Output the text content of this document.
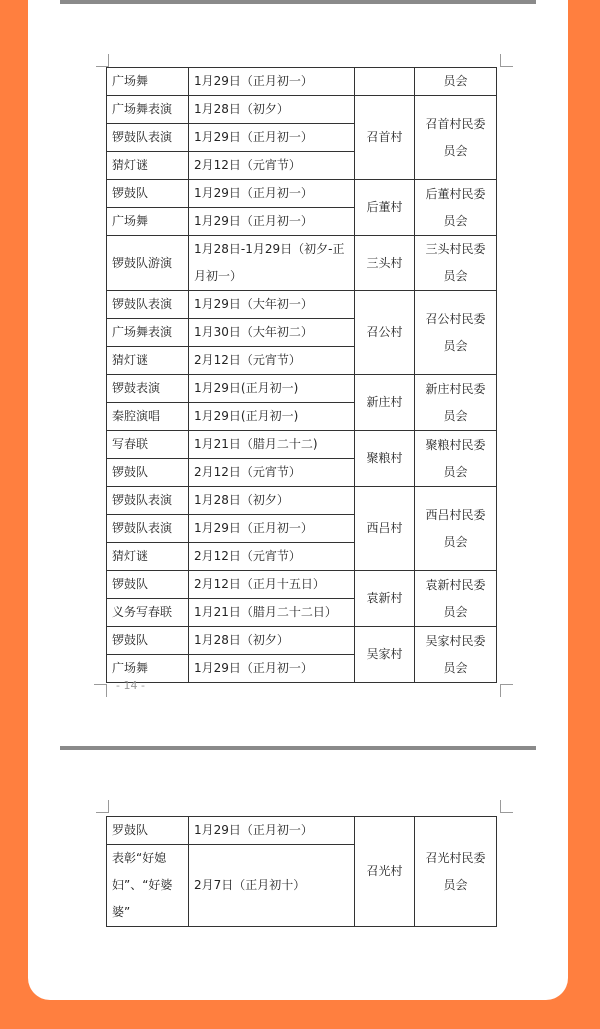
广场舞	1月29日（正月初一）		员会
广场舞表演	1月28日（初夕）	召首村	召首村民委
员会
锣鼓队表演	1月29日（正月初一）		
猜灯谜	2月12日（元宵节）		
锣鼓队	1月29日（正月初一）	后董村	后董村民委
员会
广场舞	1月29日（正月初一）		
锣鼓队游演	1月28日-1月29日（初夕-正
月初一）	三头村	三头村民委
员会
锣鼓队表演	1月29日（大年初一）	召公村	召公村民委
员会
广场舞表演	1月30日（大年初二）		
猜灯谜	2月12日（元宵节）		
锣鼓表演	1月29日(正月初一)	新庄村	新庄村民委
员会
秦腔演唱	1月29日(正月初一)		
写春联	1月21日（腊月二十二)	聚粮村	聚粮村民委
员会
锣鼓队	2月12日（元宵节）		
锣鼓队表演	1月28日（初夕）	西吕村	西吕村民委
员会
锣鼓队表演	1月29日（正月初一）		
猜灯谜	2月12日（元宵节）		
锣鼓队	2月12日（正月十五日）	袁新村	袁新村民委
员会
义务写春联	1月21日（腊月二十二日）		
锣鼓队	1月28日（初夕）	吴家村	吴家村民委
员会
广场舞	1月29日（正月初一）		
- 14 -
罗鼓队	1月29日（正月初一）	召光村	召光村民委
员会
表彰“好媳
妇”、“好婆
婆”	2月7日（正月初十）		
